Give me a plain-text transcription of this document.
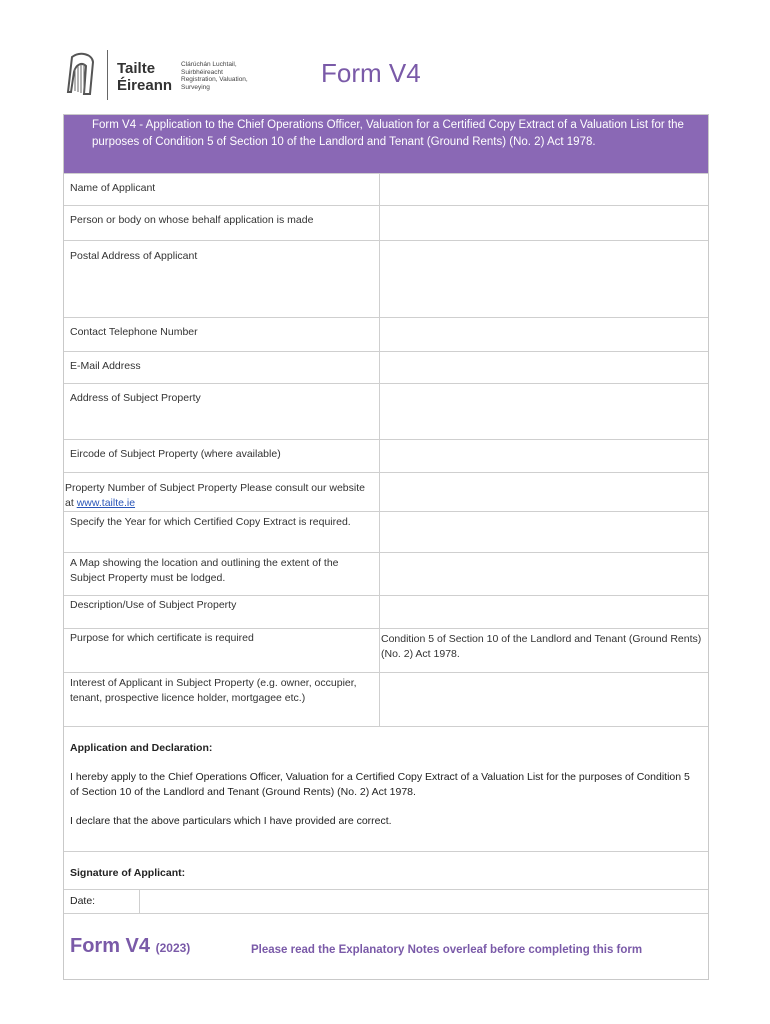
Tailte
Éireann
Clárúchán Luchtail,
Suirbhéireacht
Registration, Valuation,
Surveying	Form V4
Form V4 - Application to the Chief Operations Officer, Valuation for a Certified Copy Extract of a Valuation List for the purposes of Condition 5 of Section 10 of the Landlord and Tenant (Ground Rents) (No. 2) Act 1978.
Name of Applicant
Person or body on whose behalf application is made
Postal Address of Applicant
Contact Telephone Number
E-Mail Address
Address of Subject Property
Eircode of Subject Property (where available)
Property Number of Subject Property Please consult our website at www.tailte.ie
Specify the Year for which Certified Copy Extract is required.
A Map showing the location and outlining the extent of the Subject Property must be lodged.
Description/Use of Subject Property
Purpose for which certificate is required	Condition 5 of Section 10 of the Landlord and Tenant (Ground Rents) (No. 2) Act 1978.
Interest of Applicant in Subject Property (e.g. owner, occupier, tenant, prospective licence holder, mortgagee etc.)
Application and Declaration:
I hereby apply to the Chief Operations Officer, Valuation for a Certified Copy Extract of a Valuation List for the purposes of Condition 5 of Section 10 of the Landlord and Tenant (Ground Rents) (No. 2) Act 1978.
I declare that the above particulars which I have provided are correct.
Signature of Applicant:
Date:
Form V4 (2023)	Please read the Explanatory Notes overleaf before completing this form
